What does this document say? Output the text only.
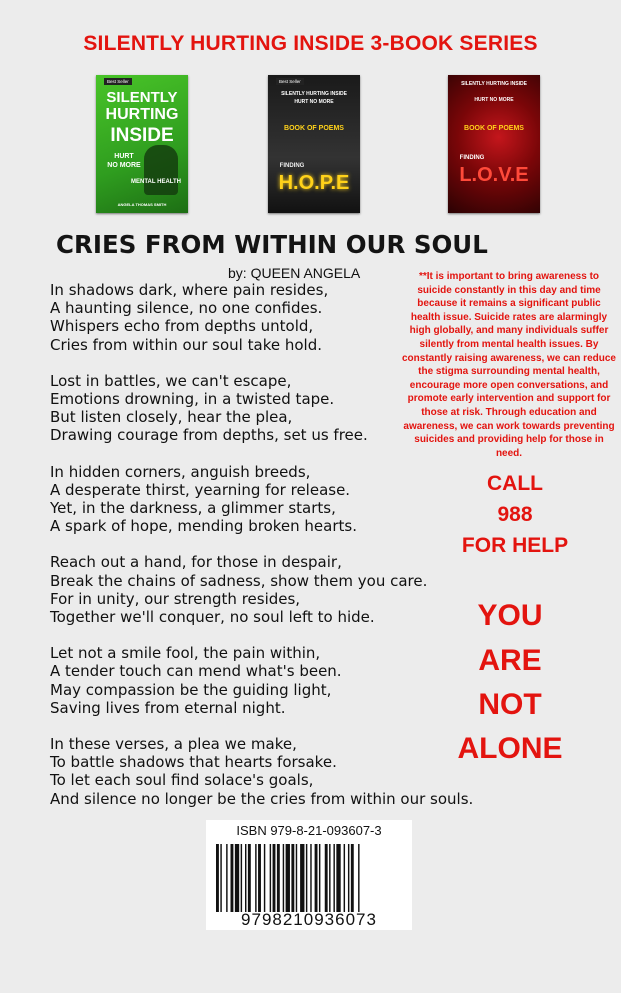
SILENTLY HURTING INSIDE 3-BOOK SERIES
Best Seller
SILENTLY
HURTING
INSIDE
HURT
NO MORE
MENTAL HEALTH
ANGELA THOMAS SMITH
Best Seller
SILENTLY HURTING INSIDE
HURT NO MORE
BOOK OF POEMS
FINDING
H.O.P.E
SILENTLY HURTING INSIDE
HURT NO MORE
BOOK OF POEMS
FINDING
L.O.V.E
CRIES FROM WITHIN OUR SOUL
by: QUEEN ANGELA
In shadows dark, where pain resides,
A haunting silence, no one confides.
Whispers echo from depths untold,
Cries from within our soul take hold.
Lost in battles, we can't escape,
Emotions drowning, in a twisted tape.
But listen closely, hear the plea,
Drawing courage from depths, set us free.
In hidden corners, anguish breeds,
A desperate thirst, yearning for release.
Yet, in the darkness, a glimmer starts,
A spark of hope, mending broken hearts.
Reach out a hand, for those in despair,
Break the chains of sadness, show them you care.
For in unity, our strength resides,
Together we'll conquer, no soul left to hide.
Let not a smile fool, the pain within,
A tender touch can mend what's been.
May compassion be the guiding light,
Saving lives from eternal night.
In these verses, a plea we make,
To battle shadows that hearts forsake.
To let each soul find solace's goals,
And silence no longer be the cries from within our souls.
**It is important to bring awareness to suicide constantly in this day and time because it remains a significant public health issue. Suicide rates are alarmingly high globally, and many individuals suffer silently from mental health issues. By constantly raising awareness, we can reduce the stigma surrounding mental health, encourage more open conversations, and promote early intervention and support for those at risk. Through education and awareness, we can work towards preventing suicides and providing help for those in need.
CALL
988
FOR HELP
YOU
ARE
NOT
ALONE
ISBN 979-8-21-093607-3
9798210936073
